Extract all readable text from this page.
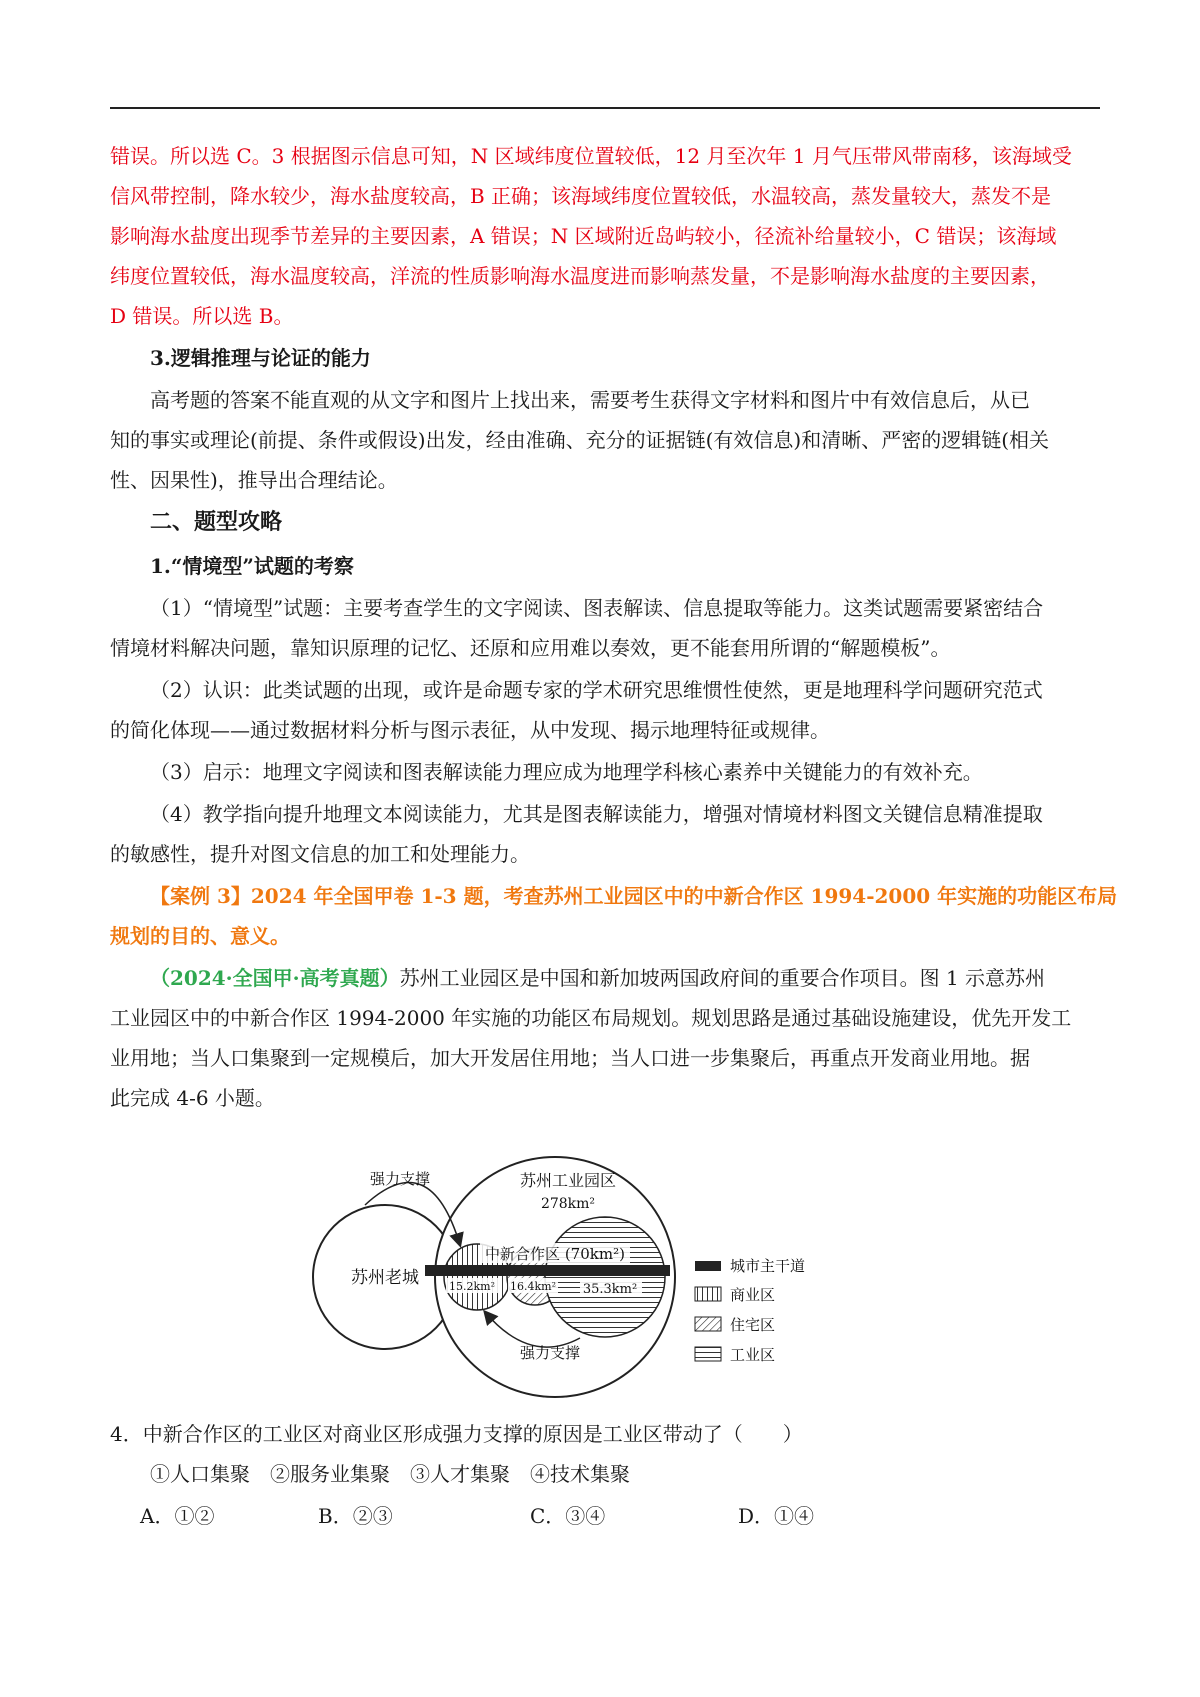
错误。所以选 C。3 根据图示信息可知，N 区域纬度位置较低，12 月至次年 1 月气压带风带南移，该海域受
信风带控制，降水较少，海水盐度较高，B 正确；该海域纬度位置较低，水温较高，蒸发量较大，蒸发不是
影响海水盐度出现季节差异的主要因素，A 错误；N 区域附近岛屿较小，径流补给量较小，C 错误；该海域
纬度位置较低，海水温度较高，洋流的性质影响海水温度进而影响蒸发量，不是影响海水盐度的主要因素，
D 错误。所以选 B。
3.逻辑推理与论证的能力
高考题的答案不能直观的从文字和图片上找出来，需要考生获得文字材料和图片中有效信息后，从已
知的事实或理论(前提、条件或假设)出发，经由准确、充分的证据链(有效信息)和清晰、严密的逻辑链(相关
性、因果性)，推导出合理结论。
二、题型攻略
1.“情境型”试题的考察
（1）“情境型”试题：主要考查学生的文字阅读、图表解读、信息提取等能力。这类试题需要紧密结合
情境材料解决问题，靠知识原理的记忆、还原和应用难以奏效，更不能套用所谓的“解题模板”。
（2）认识：此类试题的出现，或许是命题专家的学术研究思维惯性使然，更是地理科学问题研究范式
的简化体现——通过数据材料分析与图示表征，从中发现、揭示地理特征或规律。
（3）启示：地理文字阅读和图表解读能力理应成为地理学科核心素养中关键能力的有效补充。
（4）教学指向提升地理文本阅读能力，尤其是图表解读能力，增强对情境材料图文关键信息精准提取
的敏感性，提升对图文信息的加工和处理能力。
【案例 3】2024 年全国甲卷 1-3 题，考查苏州工业园区中的中新合作区 1994-2000 年实施的功能区布局
规划的目的、意义。
（2024·全国甲·高考真题）苏州工业园区是中国和新加坡两国政府间的重要合作项目。图 1 示意苏州
工业园区中的中新合作区 1994-2000 年实施的功能区布局规划。规划思路是通过基础设施建设，优先开发工
业用地；当人口集聚到一定规模后，加大开发居住用地；当人口进一步集聚后，再重点开发商业用地。据
此完成 4-6 小题。
苏州老城
苏州工业园区
278km²
中新合作区 (70km²)
15.2km² 16.4km² 35.3km²
强力支撑
强力支撑
城市主干道
商业区
住宅区
工业区
4．中新合作区的工业区对商业区形成强力支撑的原因是工业区带动了（　　）
①人口集聚　②服务业集聚　③人才集聚　④技术集聚
A．①②	B．②③	C．③④	D．①④
